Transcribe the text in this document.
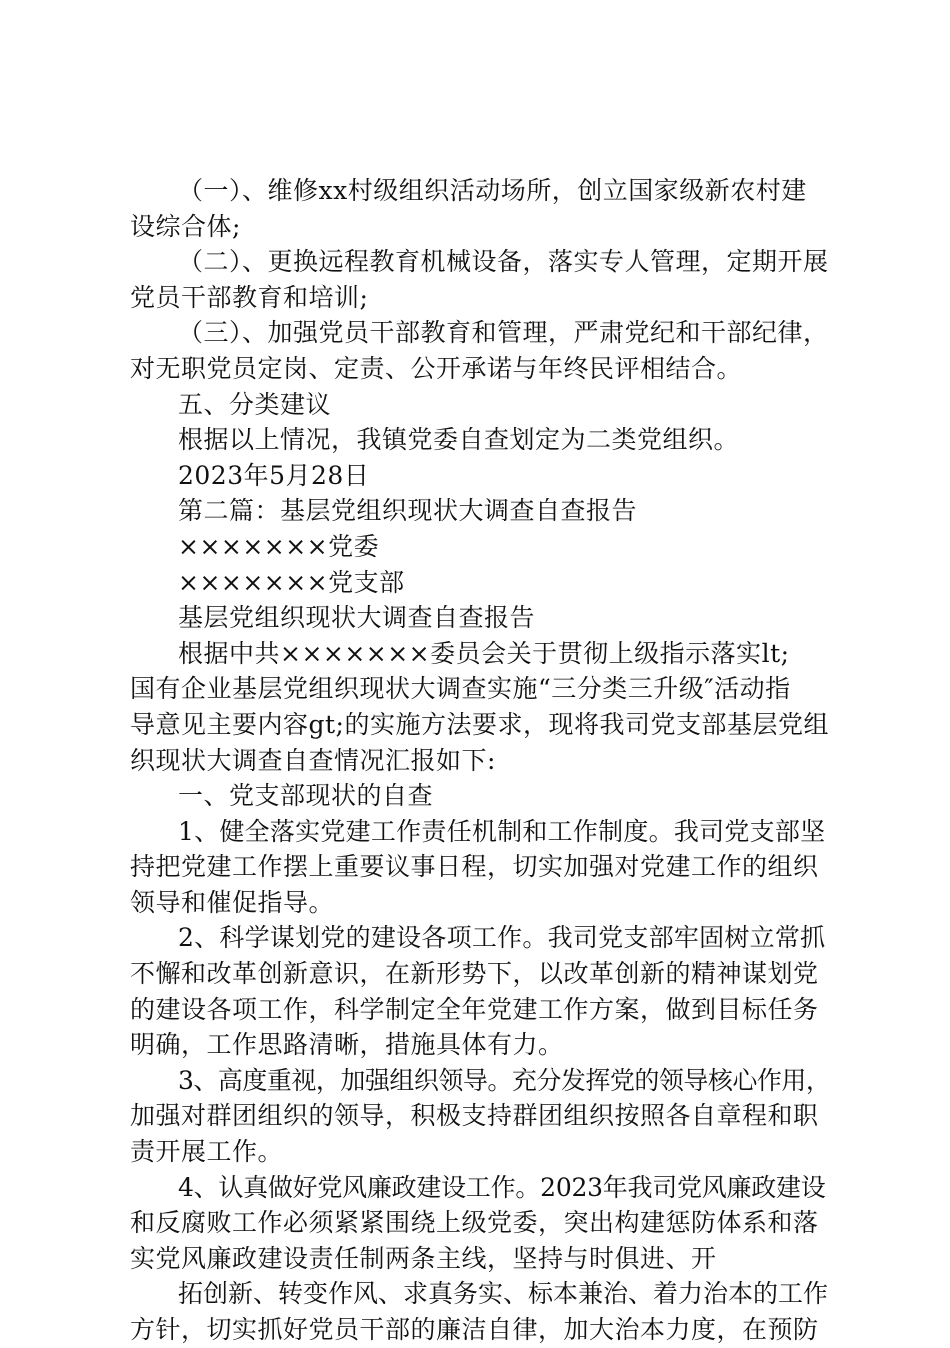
（一）、维修xx村级组织活动场所，创立国家级新农村建
设综合体;
（二）、更换远程教育机械设备，落实专人管理，定期开展
党员干部教育和培训;
（三）、加强党员干部教育和管理，严肃党纪和干部纪律，
对无职党员定岗、定责、公开承诺与年终民评相结合。
五、分类建议
根据以上情况，我镇党委自查划定为二类党组织。
2023年5月28日
第二篇：基层党组织现状大调查自查报告
×××××××党委
×××××××党支部
基层党组织现状大调查自查报告
根据中共×××××××委员会关于贯彻上级指示落实lt;
国有企业基层党组织现状大调查实施“三分类三升级″活动指
导意见主要内容gt;的实施方法要求，现将我司党支部基层党组
织现状大调查自查情况汇报如下:
一、党支部现状的自查
1、健全落实党建工作责任机制和工作制度。我司党支部坚
持把党建工作摆上重要议事日程，切实加强对党建工作的组织
领导和催促指导。
2、科学谋划党的建设各项工作。我司党支部牢固树立常抓
不懈和改革创新意识，在新形势下，以改革创新的精神谋划党
的建设各项工作，科学制定全年党建工作方案，做到目标任务
明确，工作思路清晰，措施具体有力。
3、高度重视，加强组织领导。充分发挥党的领导核心作用，
加强对群团组织的领导，积极支持群团组织按照各自章程和职
责开展工作。
4、认真做好党风廉政建设工作。2023年我司党风廉政建设
和反腐败工作必须紧紧围绕上级党委，突出构建惩防体系和落
实党风廉政建设责任制两条主线，坚持与时俱进、开
拓创新、转变作风、求真务实、标本兼治、着力治本的工作
方针，切实抓好党员干部的廉洁自律，加大治本力度，在预防
